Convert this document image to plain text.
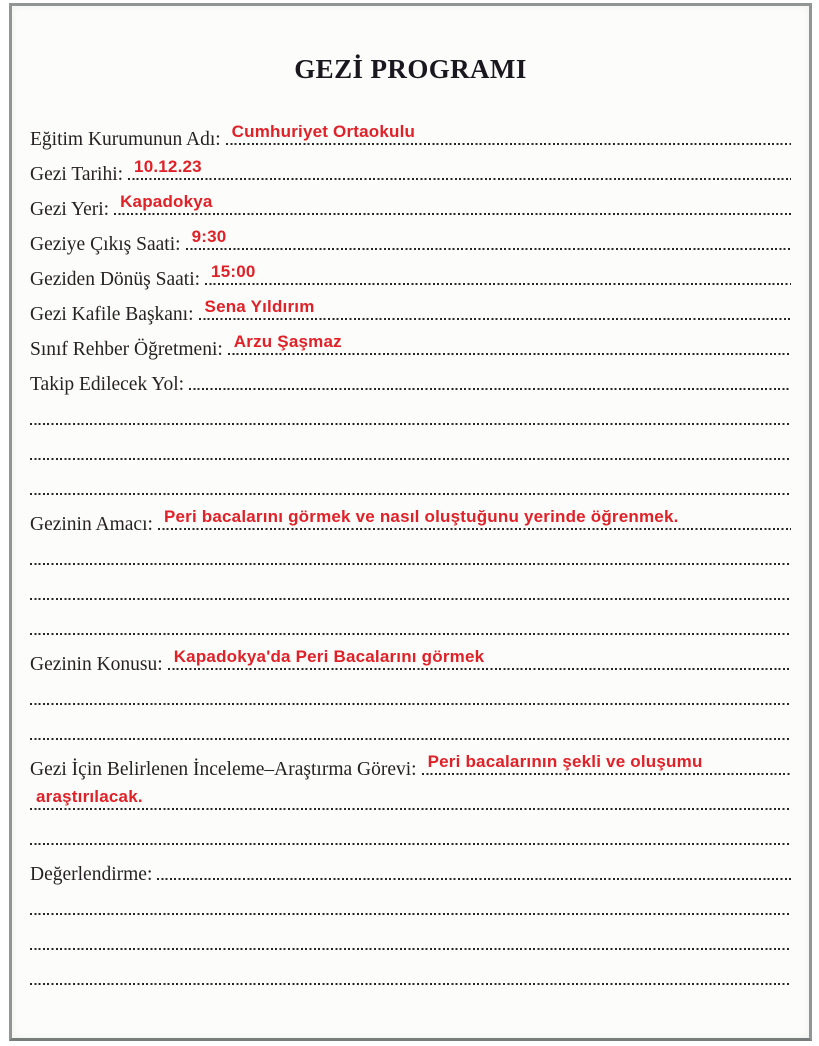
GEZİ PROGRAMI
Eğitim Kurumunun Adı: Cumhuriyet Ortaokulu
Gezi Tarihi: 10.12.23
Gezi Yeri: Kapadokya
Geziye Çıkış Saati: 9:30
Geziden Dönüş Saati: 15:00
Gezi Kafile Başkanı: Sena Yıldırım
Sınıf Rehber Öğretmeni: Arzu Şaşmaz
Takip Edilecek Yol:
Gezinin Amacı: Peri bacalarını görmek ve nasıl oluştuğunu yerinde öğrenmek.
Gezinin Konusu: Kapadokya'da Peri Bacalarını görmek
Gezi İçin Belirlenen İnceleme–Araştırma Görevi: Peri bacalarının şekli ve oluşumu
araştırılacak.
Değerlendirme:
